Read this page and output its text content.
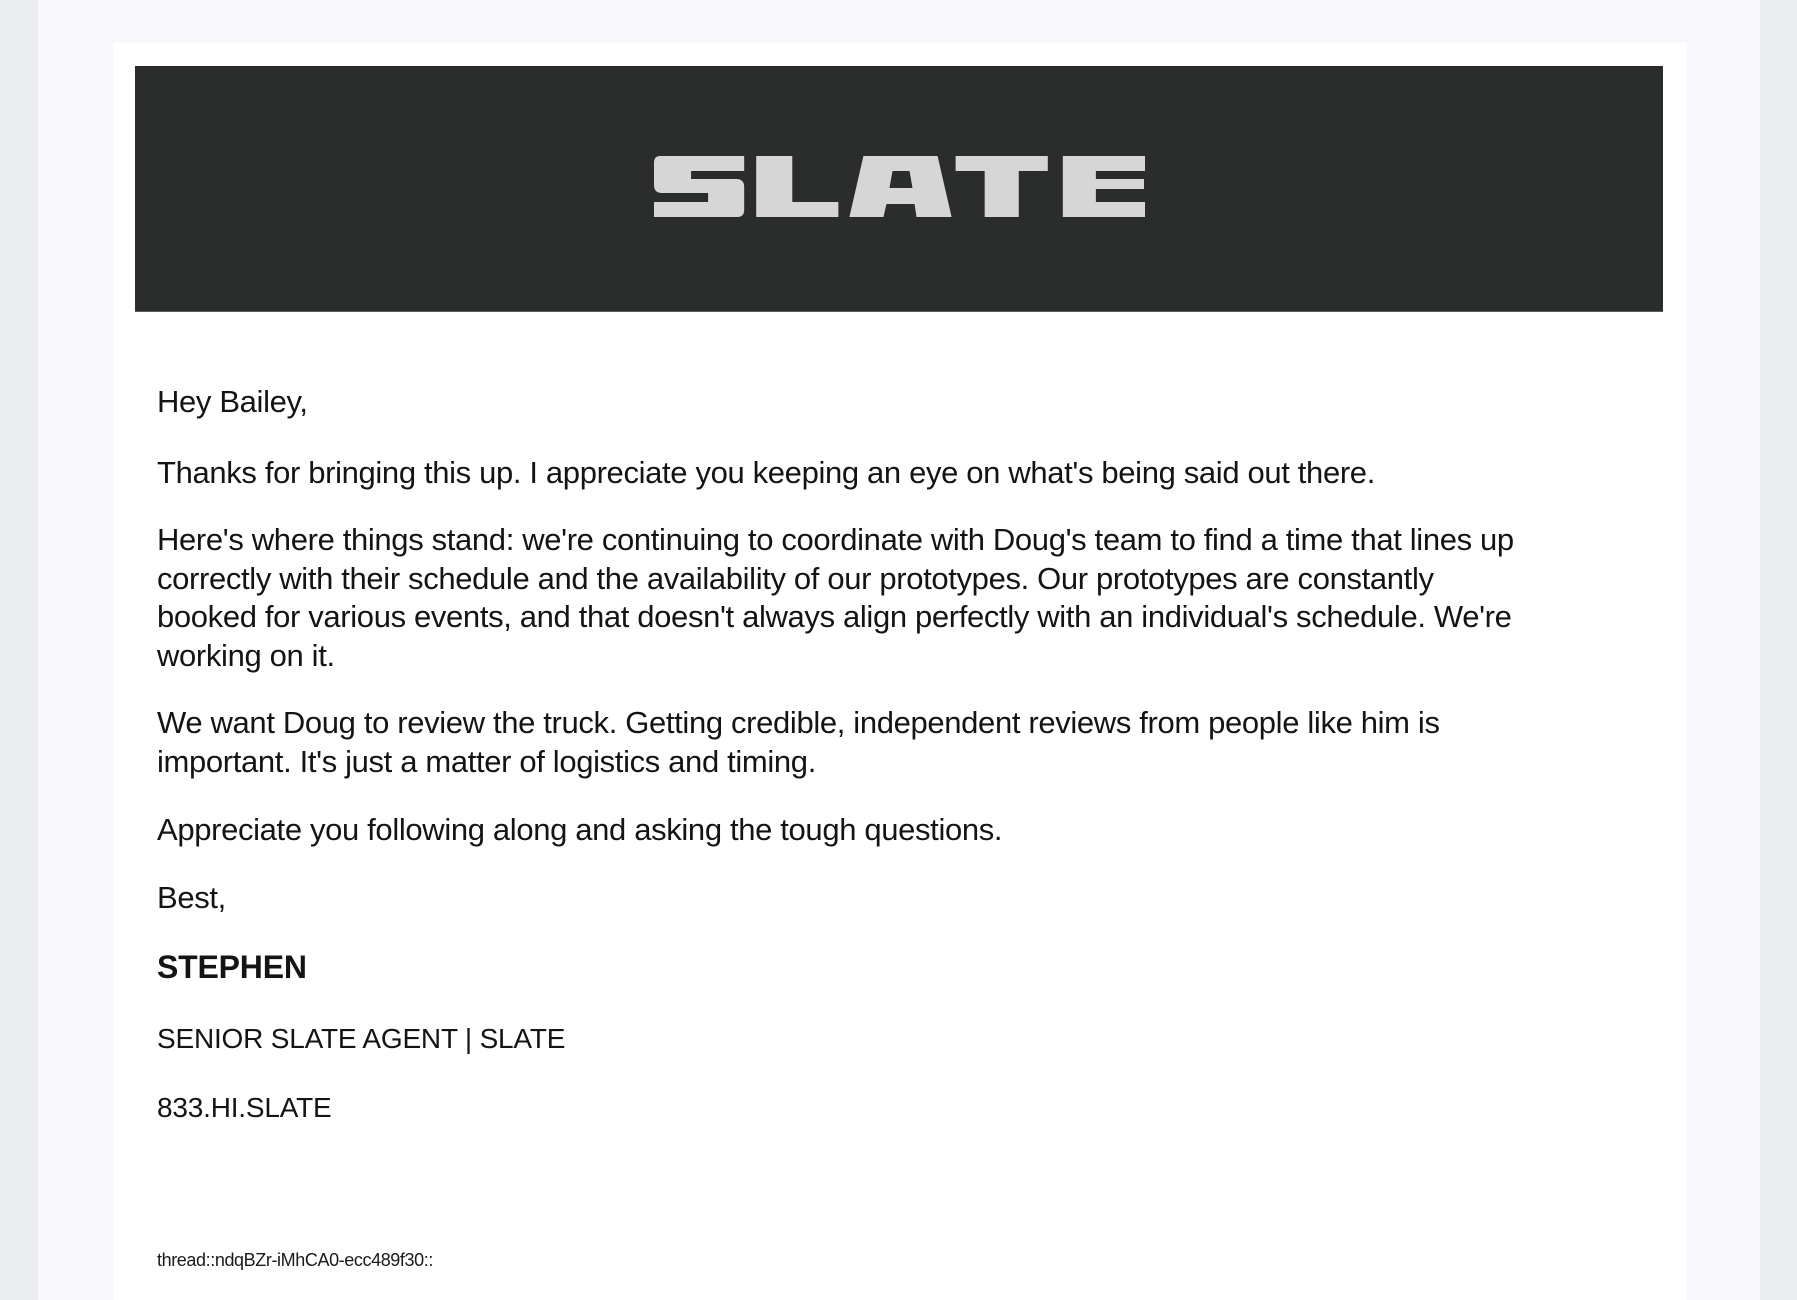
Hey Bailey,
Thanks for bringing this up. I appreciate you keeping an eye on what's being said out there.
Here's where things stand: we're continuing to coordinate with Doug's team to find a time that lines up
correctly with their schedule and the availability of our prototypes. Our prototypes are constantly
booked for various events, and that doesn't always align perfectly with an individual's schedule. We're
working on it.
We want Doug to review the truck. Getting credible, independent reviews from people like him is
important. It's just a matter of logistics and timing.
Appreciate you following along and asking the tough questions.
Best,
STEPHEN
SENIOR SLATE AGENT | SLATE
833.HI.SLATE
thread::ndqBZr-iMhCA0-ecc489f30::
